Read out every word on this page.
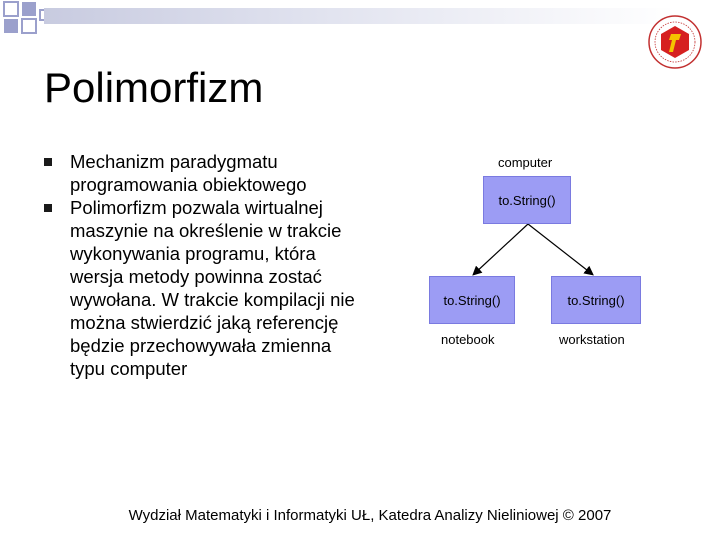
Polimorfizm
Mechanizm paradygmatu programowania obiektowego
Polimorfizm pozwala wirtualnej maszynie na określenie w trakcie wykonywania programu, która wersja metody powinna zostać wywołana. W trakcie kompilacji nie można stwierdzić jaką referencję będzie przechowywała zmienna typu computer
computer
to.String()
to.String()
notebook
to.String()
workstation
Wydział Matematyki i Informatyki UŁ, Katedra Analizy Nieliniowej © 2007
